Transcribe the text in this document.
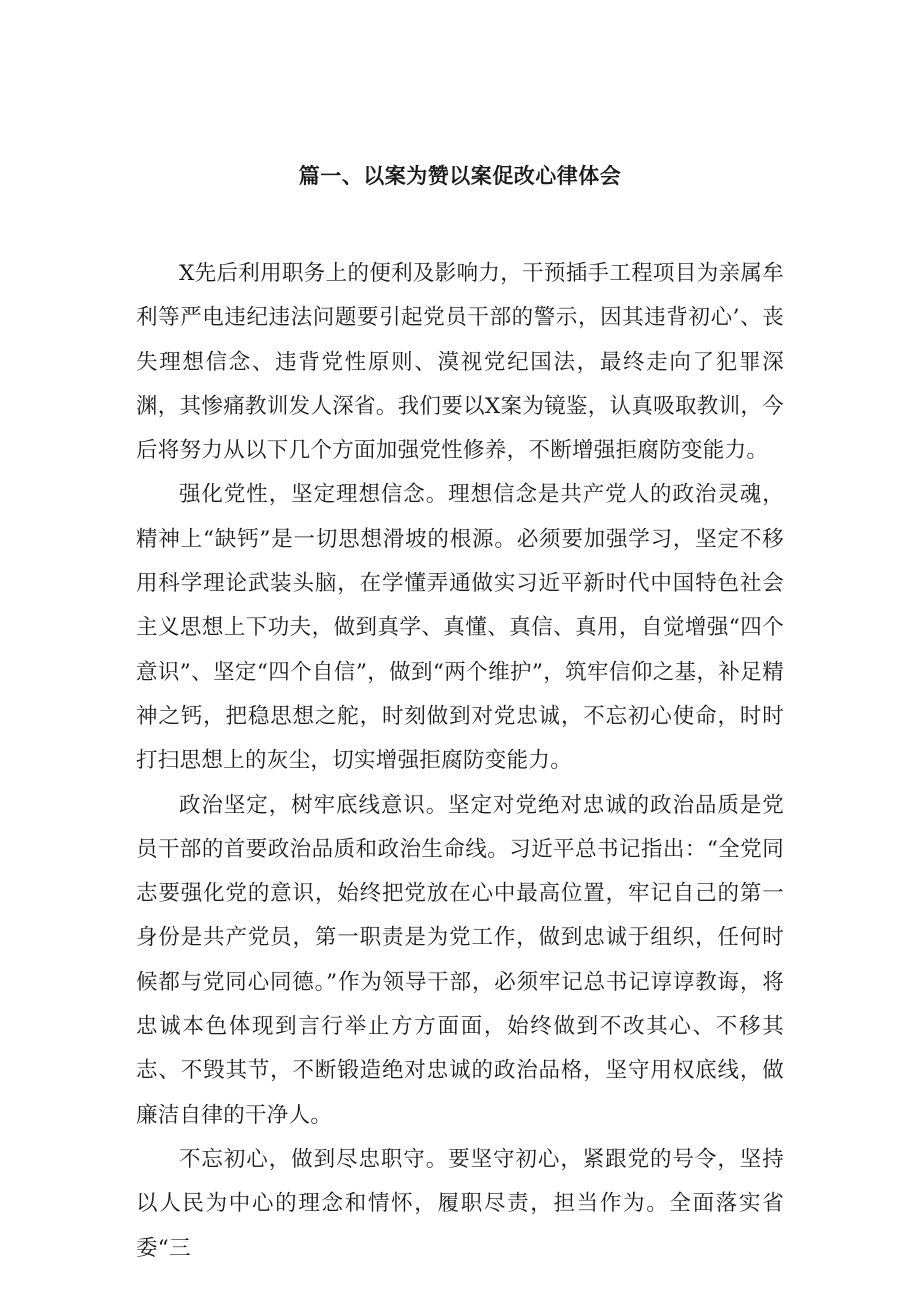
篇一、以案为赞以案促改心律体会

X先后利用职务上的便利及影响力，干预插手工程项目为亲属牟利等严电违纪违法问题要引起党员干部的警示，因其违背初心’、丧失理想信念、违背党性原则、漠视党纪国法，最终走向了犯罪深渊，其惨痛教训发人深省。我们要以X案为镜鉴，认真吸取教训，今后将努力从以下几个方面加强党性修养，不断增强拒腐防变能力。

强化党性，坚定理想信念。理想信念是共产党人的政治灵魂，精神上“缺钙”是一切思想滑坡的根源。必须要加强学习，坚定不移用科学理论武装头脑，在学懂弄通做实习近平新时代中国特色社会主义思想上下功夫，做到真学、真懂、真信、真用，自觉增强“四个意识”、坚定“四个自信”，做到“两个维护”，筑牢信仰之基，补足精神之钙，把稳思想之舵，时刻做到对党忠诚，不忘初心使命，时时打扫思想上的灰尘，切实增强拒腐防变能力。

政治坚定，树牢底线意识。坚定对党绝对忠诚的政治品质是党员干部的首要政治品质和政治生命线。习近平总书记指出：“全党同志要强化党的意识，始终把党放在心中最高位置，牢记自己的第一身份是共产党员，第一职责是为党工作，做到忠诚于组织，任何时候都与党同心同德。”作为领导干部，必须牢记总书记谆谆教诲，将忠诚本色体现到言行举止方方面面，始终做到不改其心、不移其志、不毁其节，不断锻造绝对忠诚的政治品格，坚守用权底线，做廉洁自律的干净人。

不忘初心，做到尽忠职守。要坚守初心，紧跟党的号令，坚持以人民为中心的理念和情怀，履职尽责，担当作为。全面落实省委“三
